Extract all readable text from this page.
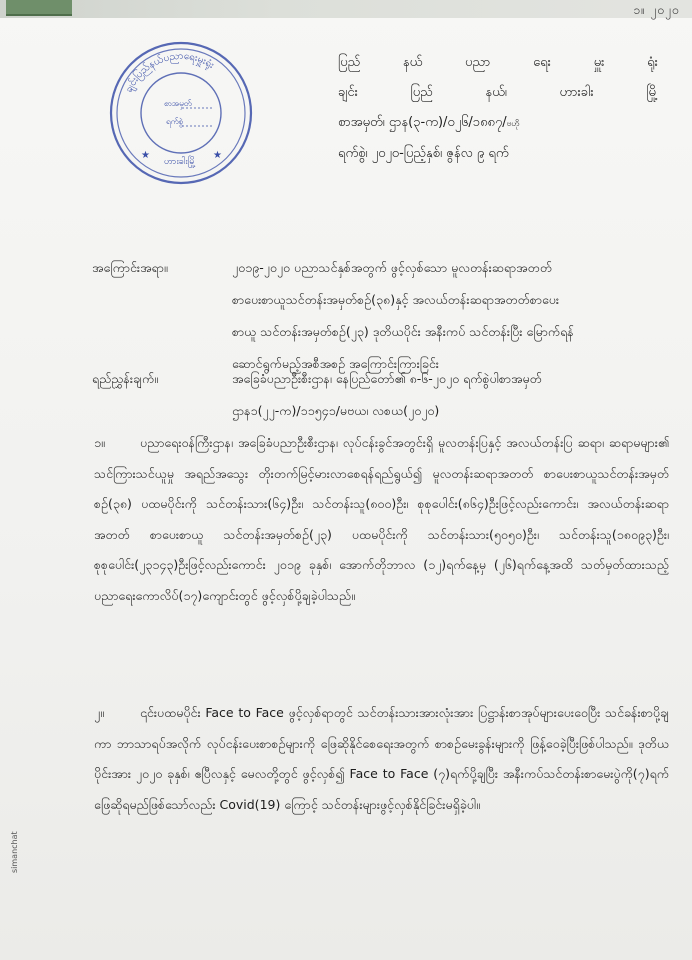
၁။ ၂၀၂၀
ချင်းပြည်နယ်ပညာရေးမှူးရုံး
စာအမှတ်
ရက်စွဲ
★	★
ဟားခါးမြို့
ပြည်	နယ်	ပညာ	ရေး	မှူး	ရုံး
ချင်း	ပြည်	နယ်၊	ဟားခါး	မြို့
စာအမှတ်၊ ဌာန(၃-က)/၀၂၆/၁၈၈၇/ဗဟို
ရက်စွဲ၊ ၂၀၂၀-ပြည့်နှစ်၊ ဇွန်လ ၉ ရက်
အကြောင်းအရာ။	၂၀၁၉-၂၀၂၀ ပညာသင်နှစ်အတွက် ဖွင့်လှစ်သော မူလတန်းဆရာအတတ်
စာပေးစာယူသင်တန်းအမှတ်စဉ်(၃၈)နှင့် အလယ်တန်းဆရာအတတ်စာပေး
စာယူ သင်တန်းအမှတ်စဉ်(၂၃) ဒုတိယပိုင်း အနီးကပ် သင်တန်းပြီး မြောက်ရန်
ဆောင်ရွက်မည့်အစီအစဉ် အကြောင်းကြားခြင်း
ရည်ညွှန်းချက်။	အခြေခံပညာဦးစီးဌာန၊ နေပြည်တော်၏ ၈-၆-၂၀၂၀ ရက်စွဲပါစာအမှတ်
ဌာန၁(၂၂-က)/၁၁၅၄၁/မဗယ၊ လစယ(၂၀၂၀)
၁။	ပညာရေးဝန်ကြီးဌာန၊ အခြေခံပညာဦးစီးဌာန၊ လုပ်ငန်းခွင်အတွင်းရှိ မူလတန်းပြနှင့် အလယ်တန်းပြ ဆရာ၊ ဆရာမများ၏ သင်ကြားသင်ယူမှု အရည်အသွေး တိုးတက်မြင့်မားလာစေရန်ရည်ရွယ်၍ မူလတန်းဆရာအတတ် စာပေးစာယူသင်တန်းအမှတ်စဉ်(၃၈) ပထမပိုင်းကို သင်တန်းသား(၆၄)ဦး၊ သင်တန်းသူ(၈၀၀)ဦး၊ စုစုပေါင်း(၈၆၄)ဦးဖြင့်လည်းကောင်း၊ အလယ်တန်းဆရာအတတ် စာပေးစာယူ သင်တန်းအမှတ်စဉ်(၂၃) ပထမပိုင်းကို သင်တန်းသား(၅၀၅၀)ဦး၊ သင်တန်းသူ(၁၈၀၉၃)ဦး၊ စုစုပေါင်း(၂၃၁၄၃)ဦးဖြင့်လည်းကောင်း ၂၀၁၉ ခုနှစ်၊ အောက်တိုဘာလ (၁၂)ရက်နေ့မှ (၂၆)ရက်နေ့အထိ သတ်မှတ်ထားသည့် ပညာရေးကောလိပ်(၁၇)ကျောင်းတွင် ဖွင့်လှစ်ပို့ချခဲ့ပါသည်။
၂။	၎င်းပထမပိုင်း Face to Face ဖွင့်လှစ်ရာတွင် သင်တန်းသားအားလုံးအား ပြဋ္ဌာန်းစာအုပ်များပေးဝေပြီး သင်ခန်းစာပို့ချကာ ဘာသာရပ်အလိုက် လုပ်ငန်းပေးစာစဉ်များကို ဖြေဆိုနိုင်စေရေးအတွက် စာစဉ်မေးခွန်းများကို ဖြန့်ဝေခဲ့ပြီးဖြစ်ပါသည်။ ဒုတိယပိုင်းအား ၂၀၂၀ ခုနှစ်၊ ဧပြီလနှင့် မေလတို့တွင် ဖွင့်လှစ်၍ Face to Face (၇)ရက်ပို့ချပြီး အနီးကပ်သင်တန်းစာမေးပွဲကို(၇)ရက်ဖြေဆိုရမည်ဖြစ်သော်လည်း Covid(19) ကြောင့် သင်တန်းများဖွင့်လှစ်နိုင်ခြင်းမရှိခဲ့ပါ။
simanchat
